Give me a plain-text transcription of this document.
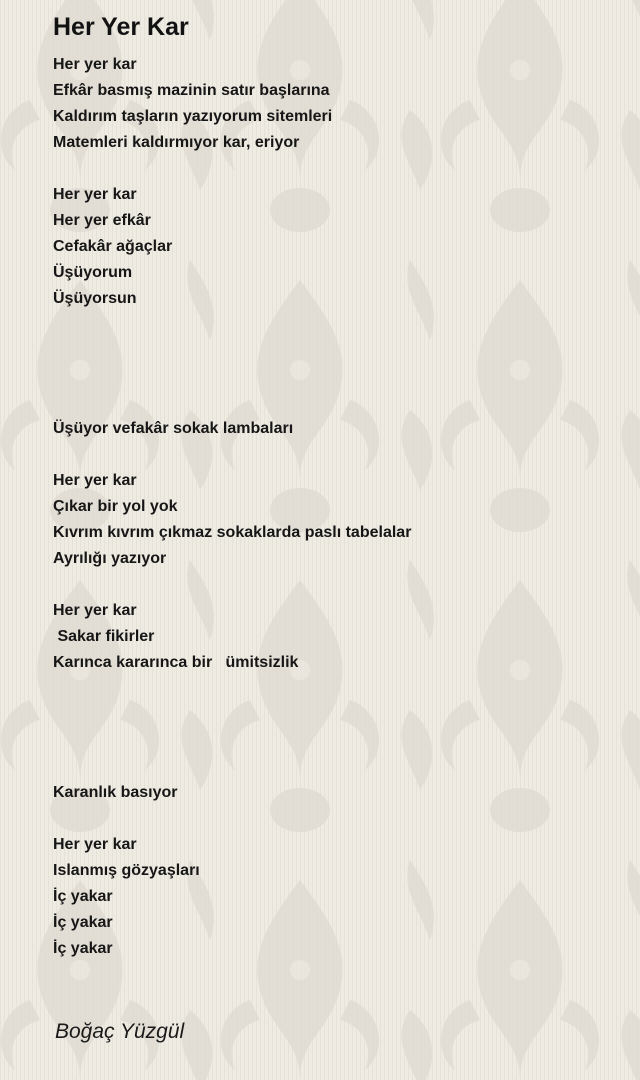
Her Yer Kar
Her yer kar
Efkâr basmış mazinin satır başlarına
Kaldırım taşların yazıyorum sitemleri
Matemleri kaldırmıyor kar, eriyor
Her yer kar
Her yer efkâr
Cefakâr ağaçlar
Üşüyorum
Üşüyorsun
Üşüyor vefakâr sokak lambaları
Her yer kar
Çıkar bir yol yok
Kıvrım kıvrım çıkmaz sokaklarda paslı tabelalar
Ayrılığı yazıyor
Her yer kar
Sakar fikirler
Karınca kararınca bir   ümitsizlik
Karanlık basıyor
Her yer kar
Islanmış gözyaşları
İç yakar
İç yakar
İç yakar
Boğaç Yüzgül
